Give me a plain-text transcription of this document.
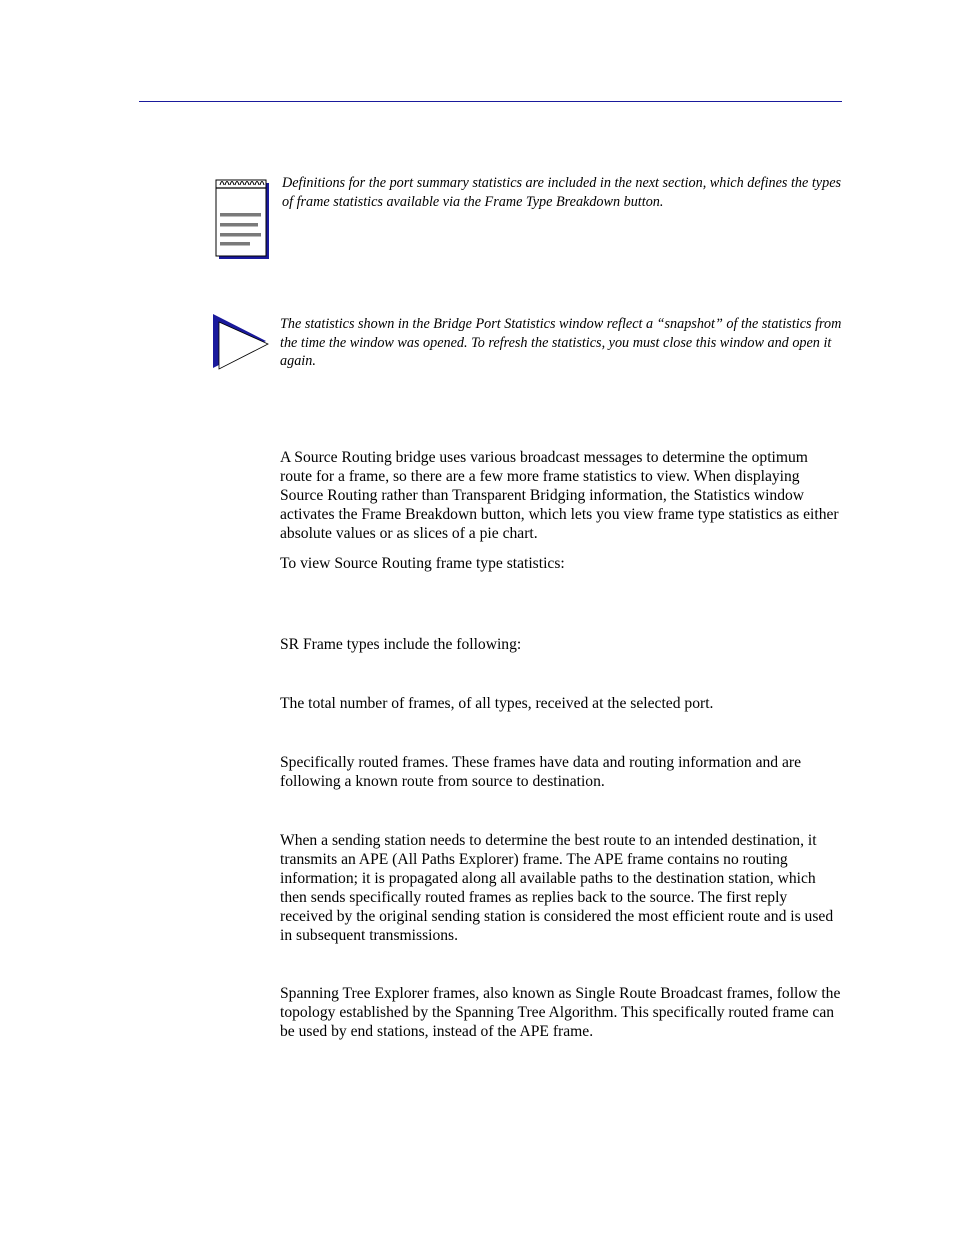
Definitions for the port summary statistics are included in the next section, which defines the types of frame statistics available via the Frame Type Breakdown button.

The statistics shown in the Bridge Port Statistics window reflect a “snapshot” of the statistics from the time the window was opened. To refresh the statistics, you must close this window and open it again.

A Source Routing bridge uses various broadcast messages to determine the optimum route for a frame, so there are a few more frame statistics to view. When displaying Source Routing rather than Transparent Bridging information, the Statistics window activates the Frame Breakdown button, which lets you view frame type statistics as either absolute values or as slices of a pie chart.

To view Source Routing frame type statistics:

SR Frame types include the following:

The total number of frames, of all types, received at the selected port.

Specifically routed frames. These frames have data and routing information and are following a known route from source to destination.

When a sending station needs to determine the best route to an intended destination, it transmits an APE (All Paths Explorer) frame. The APE frame contains no routing information; it is propagated along all available paths to the destination station, which then sends specifically routed frames as replies back to the source. The first reply received by the original sending station is considered the most efficient route and is used in subsequent transmissions.

Spanning Tree Explorer frames, also known as Single Route Broadcast frames, follow the topology established by the Spanning Tree Algorithm. This specifically routed frame can be used by end stations, instead of the APE frame.
